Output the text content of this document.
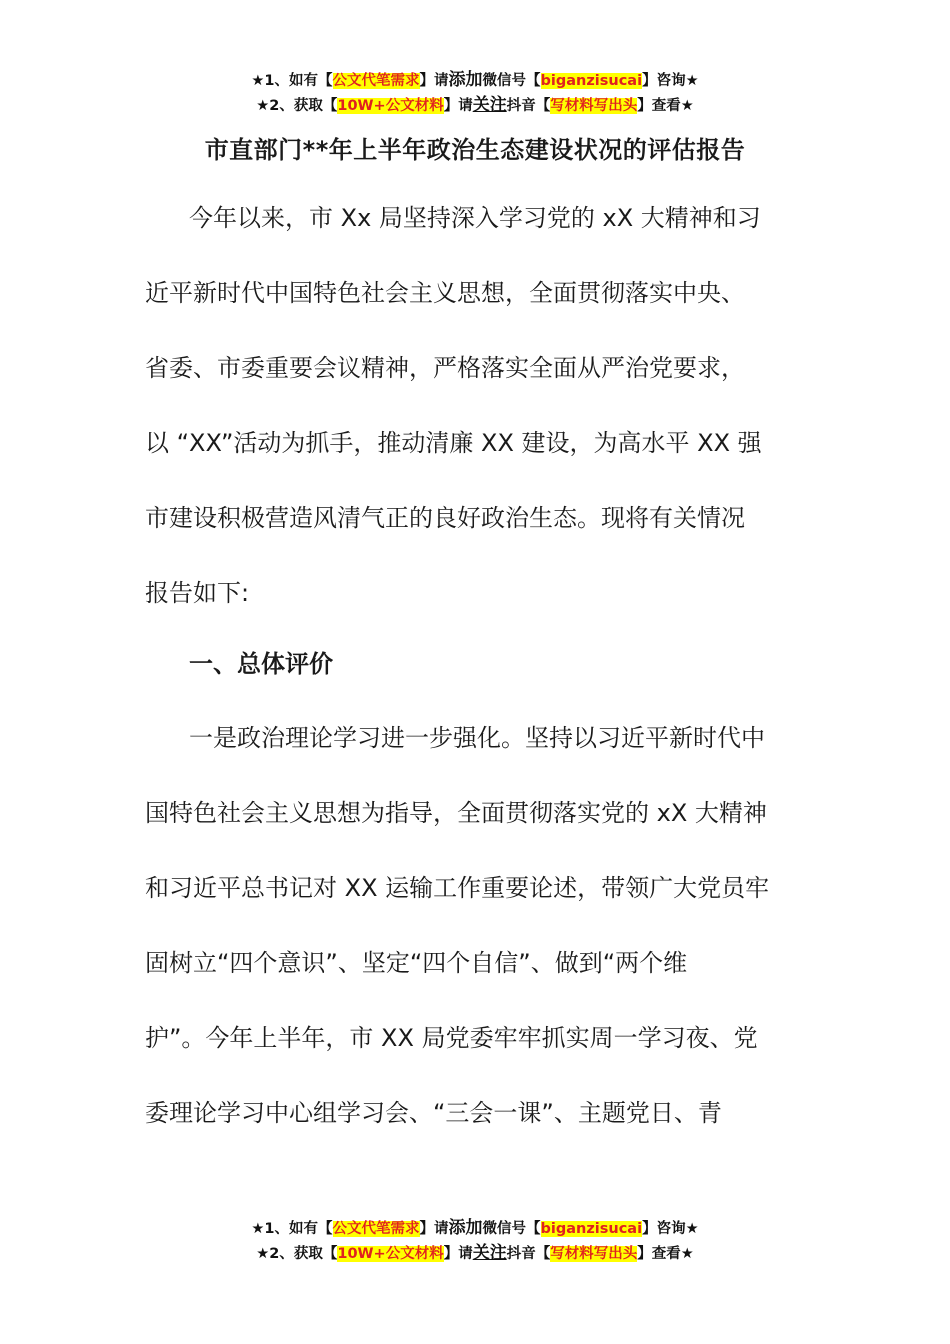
★1、如有【公文代笔需求】请添加微信号【biganzisucai】咨询★
★2、获取【10W+公文材料】请关注抖音【写材料写出头】查看★
市直部门**年上半年政治生态建设状况的评估报告
今年以来，市 Xx 局坚持深入学习党的 xX 大精神和习
近平新时代中国特色社会主义思想，全面贯彻落实中央、
省委、市委重要会议精神，严格落实全面从严治党要求，
以 “XX”活动为抓手，推动清廉 XX 建设，为高水平 XX 强
市建设积极营造风清气正的良好政治生态。现将有关情况
报告如下:
一、总体评价
一是政治理论学习进一步强化。坚持以习近平新时代中
国特色社会主义思想为指导，全面贯彻落实党的 xX 大精神
和习近平总书记对 XX 运输工作重要论述，带领广大党员牢
固树立“四个意识”、坚定“四个自信”、做到“两个维
护”。今年上半年，市 XX 局党委牢牢抓实周一学习夜、党
委理论学习中心组学习会、“三会一课”、主题党日、青
★1、如有【公文代笔需求】请添加微信号【biganzisucai】咨询★
★2、获取【10W+公文材料】请关注抖音【写材料写出头】查看★
